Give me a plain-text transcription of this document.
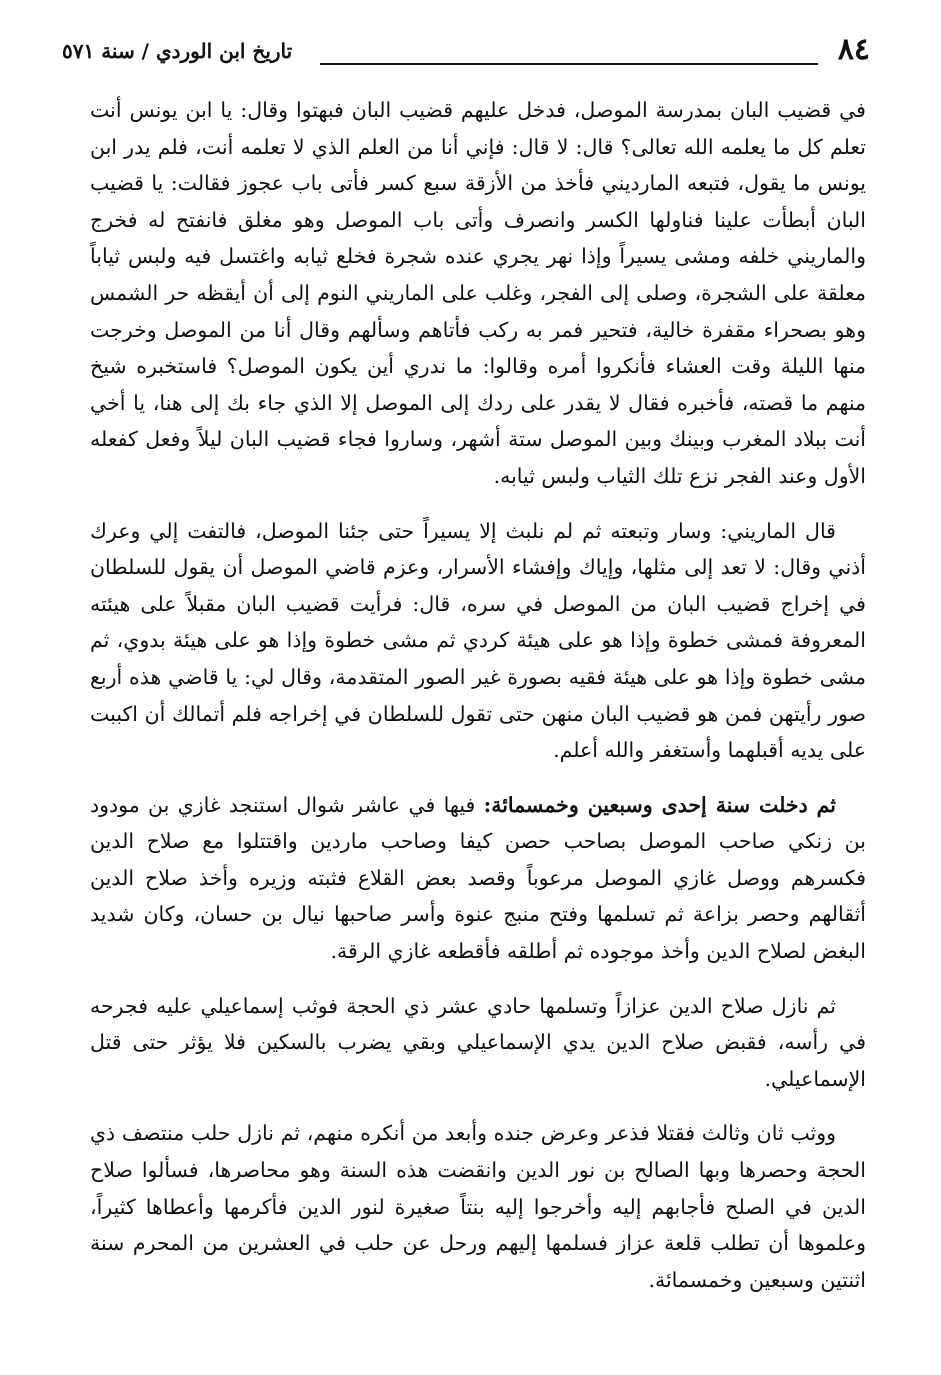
٨٤
تاريخ ابن الوردي / سنة ٥٧١

في قضيب البان بمدرسة الموصل، فدخل عليهم قضيب البان فبهتوا وقال: يا ابن يونس أنت تعلم كل ما يعلمه الله تعالى؟ قال: لا قال: فإني أنا من العلم الذي لا تعلمه أنت، فلم يدر ابن يونس ما يقول، فتبعه المارديني فأخذ من الأزقة سبع كسر فأتى باب عجوز فقالت: يا قضيب البان أبطأت علينا فناولها الكسر وانصرف وأتى باب الموصل وهو مغلق فانفتح له فخرج والماريني خلفه ومشى يسيراً وإذا نهر يجري عنده شجرة فخلع ثيابه واغتسل فيه ولبس ثياباً معلقة على الشجرة، وصلى إلى الفجر، وغلب على الماريني النوم إلى أن أيقظه حر الشمس وهو بصحراء مقفرة خالية، فتحير فمر به ركب فأتاهم وسألهم وقال أنا من الموصل وخرجت منها الليلة وقت العشاء فأنكروا أمره وقالوا: ما ندري أين يكون الموصل؟ فاستخبره شيخ منهم ما قصته، فأخبره فقال لا يقدر على ردك إلى الموصل إلا الذي جاء بك إلى هنا، يا أخي أنت ببلاد المغرب وبينك وبين الموصل ستة أشهر، وساروا فجاء قضيب البان ليلاً وفعل كفعله الأول وعند الفجر نزع تلك الثياب ولبس ثيابه.

قال الماريني: وسار وتبعته ثم لم نلبث إلا يسيراً حتى جئنا الموصل، فالتفت إلي وعرك أذني وقال: لا تعد إلى مثلها، وإياك وإفشاء الأسرار، وعزم قاضي الموصل أن يقول للسلطان في إخراج قضيب البان من الموصل في سره، قال: فرأيت قضيب البان مقبلاً على هيئته المعروفة فمشى خطوة وإذا هو على هيئة كردي ثم مشى خطوة وإذا هو على هيئة بدوي، ثم مشى خطوة وإذا هو على هيئة فقيه بصورة غير الصور المتقدمة، وقال لي: يا قاضي هذه أربع صور رأيتهن فمن هو قضيب البان منهن حتى تقول للسلطان في إخراجه فلم أتمالك أن اكببت على يديه أقبلهما وأستغفر والله أعلم.

ثم دخلت سنة إحدى وسبعين وخمسمائة: فيها في عاشر شوال استنجد غازي بن مودود بن زنكي صاحب الموصل بصاحب حصن كيفا وصاحب ماردين واقتتلوا مع صلاح الدين فكسرهم ووصل غازي الموصل مرعوباً وقصد بعض القلاع فثبته وزيره وأخذ صلاح الدين أثقالهم وحصر بزاعة ثم تسلمها وفتح منبج عنوة وأسر صاحبها نيال بن حسان، وكان شديد البغض لصلاح الدين وأخذ موجوده ثم أطلقه فأقطعه غازي الرقة.

ثم نازل صلاح الدين عزازاً وتسلمها حادي عشر ذي الحجة فوثب إسماعيلي عليه فجرحه في رأسه، فقبض صلاح الدين يدي الإسماعيلي وبقي يضرب بالسكين فلا يؤثر حتى قتل الإسماعيلي.

ووثب ثان وثالث فقتلا فذعر وعرض جنده وأبعد من أنكره منهم، ثم نازل حلب منتصف ذي الحجة وحصرها وبها الصالح بن نور الدين وانقضت هذه السنة وهو محاصرها، فسألوا صلاح الدين في الصلح فأجابهم إليه وأخرجوا إليه بنتاً صغيرة لنور الدين فأكرمها وأعطاها كثيراً، وعلموها أن تطلب قلعة عزاز فسلمها إليهم ورحل عن حلب في العشرين من المحرم سنة اثنتين وسبعين وخمسمائة.
